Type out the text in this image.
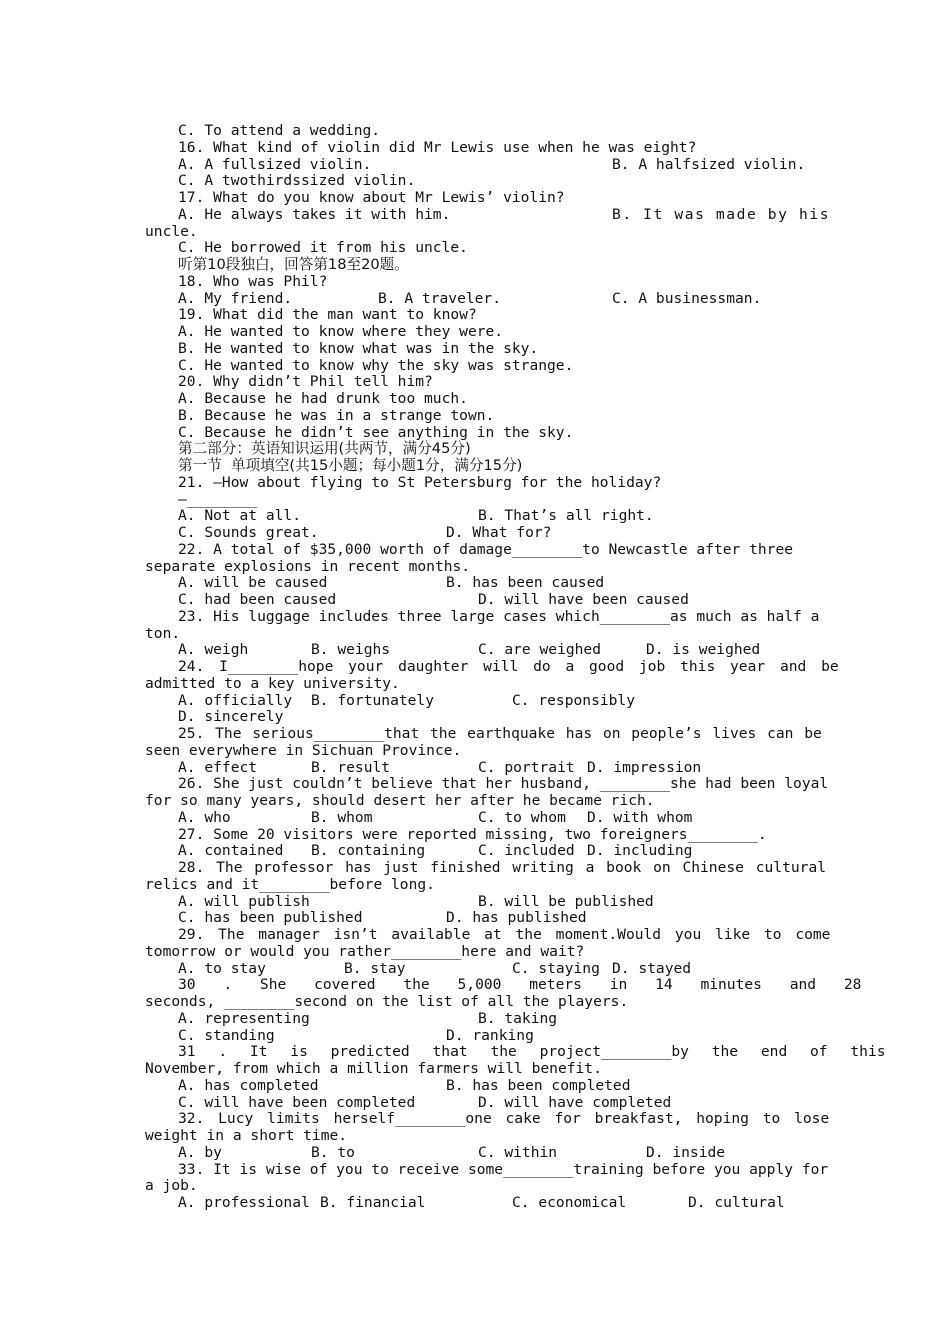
C. To attend a wedding.
16. What kind of violin did Mr Lewis use when he was eight?
A. A fullsized violin.	B. A halfsized violin.
C. A twothirdssized violin.
17. What do you know about Mr Lewis’ violin?
A. He always takes it with him.	B. It was made by his
uncle.
C. He borrowed it from his uncle.
听第10段独白，回答第18至20题。
18. Who was Phil?
A. My friend.	B. A traveler.	C. A businessman.
19. What did the man want to know?
A. He wanted to know where they were.
B. He wanted to know what was in the sky.
C. He wanted to know why the sky was strange.
20. Why didn’t Phil tell him?
A. Because he had drunk too much.
B. Because he was in a strange town.
C. Because he didn’t see anything in the sky.
第二部分：英语知识运用(共两节，满分45分)
第一节  单项填空(共15小题；每小题1分，满分15分)
21. —How about flying to St Petersburg for the holiday?
—________
A. Not at all.	B. That’s all right.
C. Sounds great.	D. What for?
22. A total of $35,000 worth of damage________to Newcastle after three
separate explosions in recent months.
A. will be caused	B. has been caused
C. had been caused	D. will have been caused
23. His luggage includes three large cases which________as much as half a
ton.
A. weigh	B. weighs	C. are weighed	D. is weighed
24. I________hope your daughter will do a good job this year and be
admitted to a key university.
A. officially B. fortunately	C. responsibly
D. sincerely
25. The serious________that the earthquake has on people’s lives can be
seen everywhere in Sichuan Province.
A. effect	B. result	C. portrait D. impression
26. She just couldn’t believe that her husband, ________she had been loyal
for so many years, should desert her after he became rich.
A. who	B. whom	C. to whom D. with whom
27. Some 20 visitors were reported missing, two foreigners________.
A. contained B. containing	C. included D. including
28. The professor has just finished writing a book on Chinese cultural
relics and it________before long.
A. will publish	B. will be published
C. has been published	D. has published
29. The manager isn’t available at the moment.Would you like to come
tomorrow or would you rather________here and wait?
A. to stay	B. stay	C. staying D. stayed
30 . She covered the 5,000 meters in 14 minutes and 28
seconds, ________second on the list of all the players.
A. representing	B. taking
C. standing	D. ranking
31 . It is predicted that the project________by the end of this
November, from which a million farmers will benefit.
A. has completed	B. has been completed
C. will have been completed	D. will have completed
32. Lucy limits herself________one cake for breakfast, hoping to lose
weight in a short time.
A. by	B. to	C. within	D. inside
33. It is wise of you to receive some________training before you apply for
a job.
A. professional B. financial	C. economical	D. cultural
